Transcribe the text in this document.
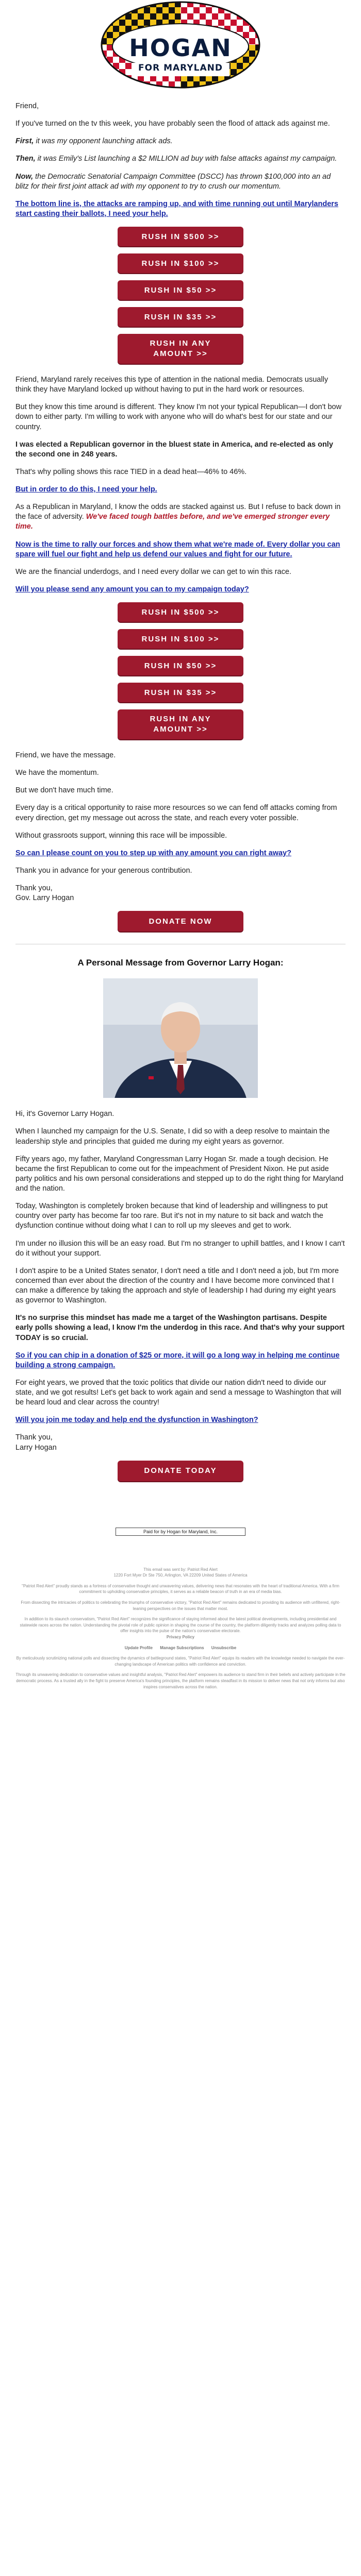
HOGAN
FOR MARYLAND

Friend,

If you've turned on the tv this week, you have probably seen the flood of attack ads against me.

First, it was my opponent launching attack ads.

Then, it was Emily's List launching a $2 MILLION ad buy with false attacks against my campaign.

Now, the Democratic Senatorial Campaign Committee (DSCC) has thrown $100,000 into an ad blitz for their first joint attack ad with my opponent to try to crush our momentum.

The bottom line is, the attacks are ramping up, and with time running out until Marylanders start casting their ballots, I need your help.

RUSH IN $500 >>
RUSH IN $100 >>
RUSH IN $50 >>
RUSH IN $35 >>
RUSH IN ANY
AMOUNT >>

Friend, Maryland rarely receives this type of attention in the national media. Democrats usually think they have Maryland locked up without having to put in the hard work or resources.

But they know this time around is different. They know I'm not your typical Republican—I don't bow down to either party. I'm willing to work with anyone who will do what's best for our state and our country.

I was elected a Republican governor in the bluest state in America, and re-elected as only the second one in 248 years.

That's why polling shows this race TIED in a dead heat—46% to 46%.

But in order to do this, I need your help.

As a Republican in Maryland, I know the odds are stacked against us. But I refuse to back down in the face of adversity. We've faced tough battles before, and we've emerged stronger every time.

Now is the time to rally our forces and show them what we're made of. Every dollar you can spare will fuel our fight and help us defend our values and fight for our future.

We are the financial underdogs, and I need every dollar we can get to win this race.

Will you please send any amount you can to my campaign today?

RUSH IN $500 >>
RUSH IN $100 >>
RUSH IN $50 >>
RUSH IN $35 >>
RUSH IN ANY
AMOUNT >>

Friend, we have the message.

We have the momentum.

But we don't have much time.

Every day is a critical opportunity to raise more resources so we can fend off attacks coming from every direction, get my message out across the state, and reach every voter possible.

Without grassroots support, winning this race will be impossible.

So can I please count on you to step up with any amount you can right away?

Thank you in advance for your generous contribution.

Thank you,

Gov. Larry Hogan

DONATE NOW
A Personal Message from Governor Larry Hogan:

Hi, it's Governor Larry Hogan.

When I launched my campaign for the U.S. Senate, I did so with a deep resolve to maintain the leadership style and principles that guided me during my eight years as governor.

Fifty years ago, my father, Maryland Congressman Larry Hogan Sr. made a tough decision. He became the first Republican to come out for the impeachment of President Nixon. He put aside party politics and his own personal considerations and stepped up to do the right thing for Maryland and the nation.

Today, Washington is completely broken because that kind of leadership and willingness to put country over party has become far too rare. But it's not in my nature to sit back and watch the dysfunction continue without doing what I can to roll up my sleeves and get to work.

I'm under no illusion this will be an easy road. But I'm no stranger to uphill battles, and I know I can't do it without your support.

I don't aspire to be a United States senator, I don't need a title and I don't need a job, but I'm more concerned than ever about the direction of the country and I have become more convinced that I can make a difference by taking the approach and style of leadership I had during my eight years as governor to Washington.

It's no surprise this mindset has made me a target of the Washington partisans. Despite early polls showing a lead, I know I'm the underdog in this race. And that's why your support TODAY is so crucial.

So if you can chip in a donation of $25 or more, it will go a long way in helping me continue building a strong campaign.

For eight years, we proved that the toxic politics that divide our nation didn't need to divide our state, and we got results! Let's get back to work again and send a message to Washington that will be heard loud and clear across the country!

Will you join me today and help end the dysfunction in Washington?

Thank you,

Larry Hogan

DONATE TODAY
Paid for by Hogan for Maryland, Inc.

This email was sent by: Patriot Red Alert
1220 Fort Myer Dr Ste 750, Arlington, VA 22209 United States of America

"Patriot Red Alert" proudly stands as a fortress of conservative thought and unwavering values, delivering news that resonates with the heart of traditional America. With a firm commitment to upholding conservative principles, it serves as a reliable beacon of truth in an era of media bias.

From dissecting the intricacies of politics to celebrating the triumphs of conservative victory, "Patriot Red Alert" remains dedicated to providing its audience with unfiltered, right-leaning perspectives on the issues that matter most.

In addition to its staunch conservatism, "Patriot Red Alert" recognizes the significance of staying informed about the latest political developments, including presidential and statewide races across the nation. Understanding the pivotal role of public opinion in shaping the course of the country, the platform diligently tracks and analyzes polling data to offer insights into the pulse of the nation's conservative electorate.
Privacy Policy

Update Profile Manage Subscriptions Unsubscribe

By meticulously scrutinizing national polls and dissecting the dynamics of battleground states, "Patriot Red Alert" equips its readers with the knowledge needed to navigate the ever-changing landscape of American politics with confidence and conviction.

Through its unwavering dedication to conservative values and insightful analysis, "Patriot Red Alert" empowers its audience to stand firm in their beliefs and actively participate in the democratic process. As a trusted ally in the fight to preserve America's founding principles, the platform remains steadfast in its mission to deliver news that not only informs but also inspires conservatives across the nation.
